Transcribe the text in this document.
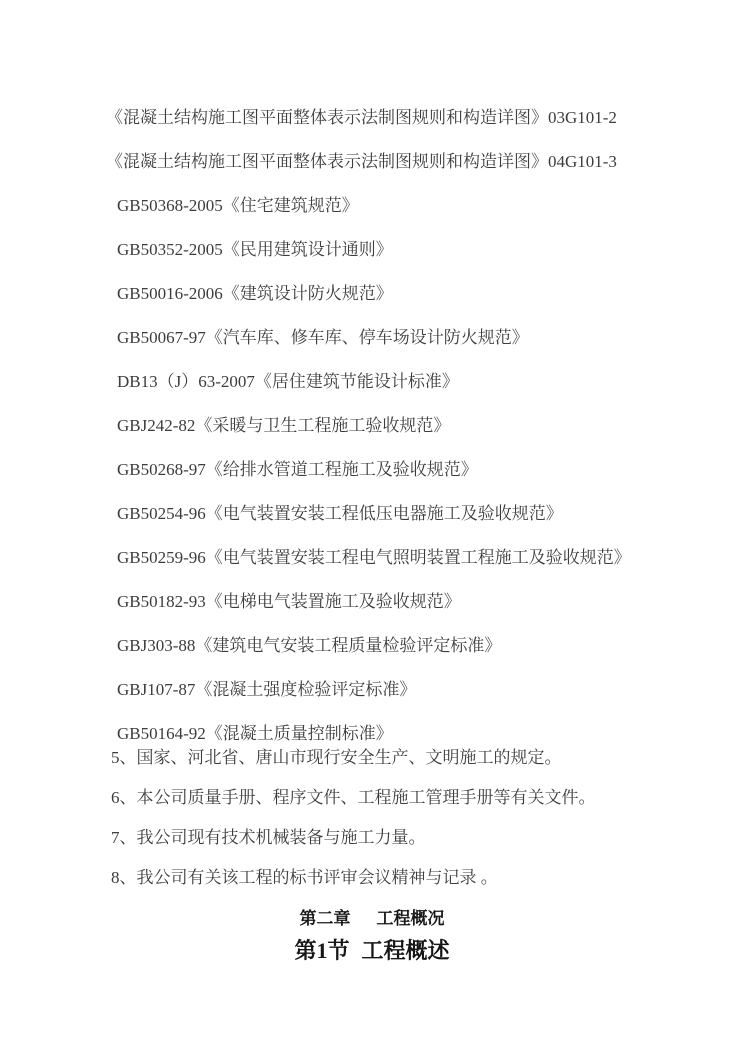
《混凝土结构施工图平面整体表示法制图规则和构造详图》03G101-2

《混凝土结构施工图平面整体表示法制图规则和构造详图》04G101-3

GB50368-2005《住宅建筑规范》

GB50352-2005《民用建筑设计通则》

GB50016-2006《建筑设计防火规范》

GB50067-97《汽车库、修车库、停车场设计防火规范》

DB13（J）63-2007《居住建筑节能设计标准》

GBJ242-82《采暖与卫生工程施工验收规范》

GB50268-97《给排水管道工程施工及验收规范》

GB50254-96《电气装置安装工程低压电器施工及验收规范》

GB50259-96《电气装置安装工程电气照明装置工程施工及验收规范》

GB50182-93《电梯电气装置施工及验收规范》

GBJ303-88《建筑电气安装工程质量检验评定标准》

GBJ107-87《混凝土强度检验评定标准》

GB50164-92《混凝土质量控制标准》

5、国家、河北省、唐山市现行安全生产、文明施工的规定。

6、本公司质量手册、程序文件、工程施工管理手册等有关文件。

7、我公司现有技术机械装备与施工力量。

8、我公司有关该工程的标书评审会议精神与记录 。

第二章 工程概况
第1节 工程概述
